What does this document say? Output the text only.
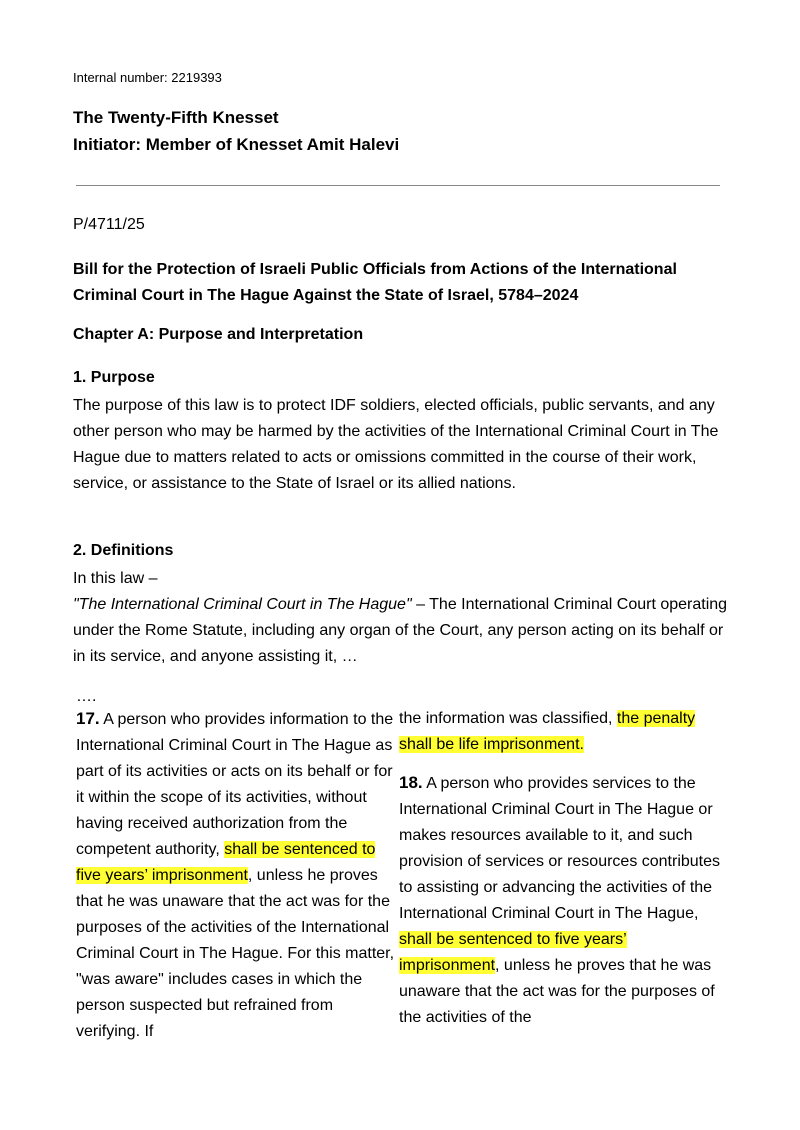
Internal number: 2219393
The Twenty-Fifth Knesset
Initiator: Member of Knesset Amit Halevi
P/4711/25
Bill for the Protection of Israeli Public Officials from Actions of the International Criminal Court in The Hague Against the State of Israel, 5784–2024
Chapter A: Purpose and Interpretation
1. Purpose
The purpose of this law is to protect IDF soldiers, elected officials, public servants, and any other person who may be harmed by the activities of the International Criminal Court in The Hague due to matters related to acts or omissions committed in the course of their work, service, or assistance to the State of Israel or its allied nations.
2. Definitions
In this law –
"The International Criminal Court in The Hague" – The International Criminal Court operating under the Rome Statute, including any organ of the Court, any person acting on its behalf or in its service, and anyone assisting it, …
….

17. A person who provides information to the International Criminal Court in The Hague as part of its activities or acts on its behalf or for it within the scope of its activities, without having received authorization from the competent authority, shall be sentenced to five years’ imprisonment, unless he proves that he was unaware that the act was for the purposes of the activities of the International Criminal Court in The Hague. For this matter, "was aware" includes cases in which the person suspected but refrained from verifying. If

the information was classified, the penalty shall be life imprisonment.

18. A person who provides services to the International Criminal Court in The Hague or makes resources available to it, and such provision of services or resources contributes to assisting or advancing the activities of the International Criminal Court in The Hague, shall be sentenced to five years’ imprisonment, unless he proves that he was unaware that the act was for the purposes of the activities of the
